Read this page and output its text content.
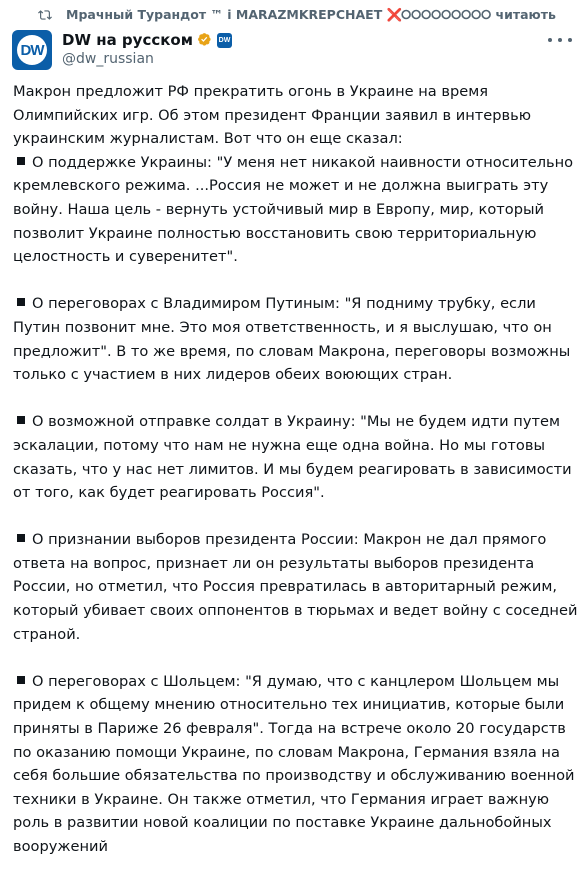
Мрачный Турандот ™ і MARAZMKREPCHAET ❌⭘⭘⭘⭘⭘⭘⭘⭘⭘ читають
DW
DW на русском	DW
@dw_russian

Макрон предложит РФ прекратить огонь в Украине на время Олимпийских игр. Об этом президент Франции заявил в интервью украинским журналистам. Вот что он еще сказал:

О поддержке Украины: "У меня нет никакой наивности относительно кремлевского режима. ...Россия не может и не должна выиграть эту войну. Наша цель - вернуть устойчивый мир в Европу, мир, который позволит Украине полностью восстановить свою территориальную целостность и суверенитет".

О переговорах с Владимиром Путиным: "Я подниму трубку, если Путин позвонит мне. Это моя ответственность, и я выслушаю, что он предложит". В то же время, по словам Макрона, переговоры возможны только с участием в них лидеров обеих воюющих стран.

О возможной отправке солдат в Украину: "Мы не будем идти путем эскалации, потому что нам не нужна еще одна война. Но мы готовы сказать, что у нас нет лимитов. И мы будем реагировать в зависимости от того, как будет реагировать Россия".

О признании выборов президента России: Макрон не дал прямого ответа на вопрос, признает ли он результаты выборов президента России, но отметил, что Россия превратилась в авторитарный режим, который убивает своих оппонентов в тюрьмах и ведет войну с соседней страной.

О переговорах с Шольцем: "Я думаю, что с канцлером Шольцем мы придем к общему мнению относительно тех инициатив, которые были приняты в Париже 26 февраля". Тогда на встрече около 20 государств по оказанию помощи Украине, по словам Макрона, Германия взяла на себя большие обязательства по производству и обслуживанию военной техники в Украине. Он также отметил, что Германия играет важную роль в развитии новой коалиции по поставке Украине дальнобойных вооружений
